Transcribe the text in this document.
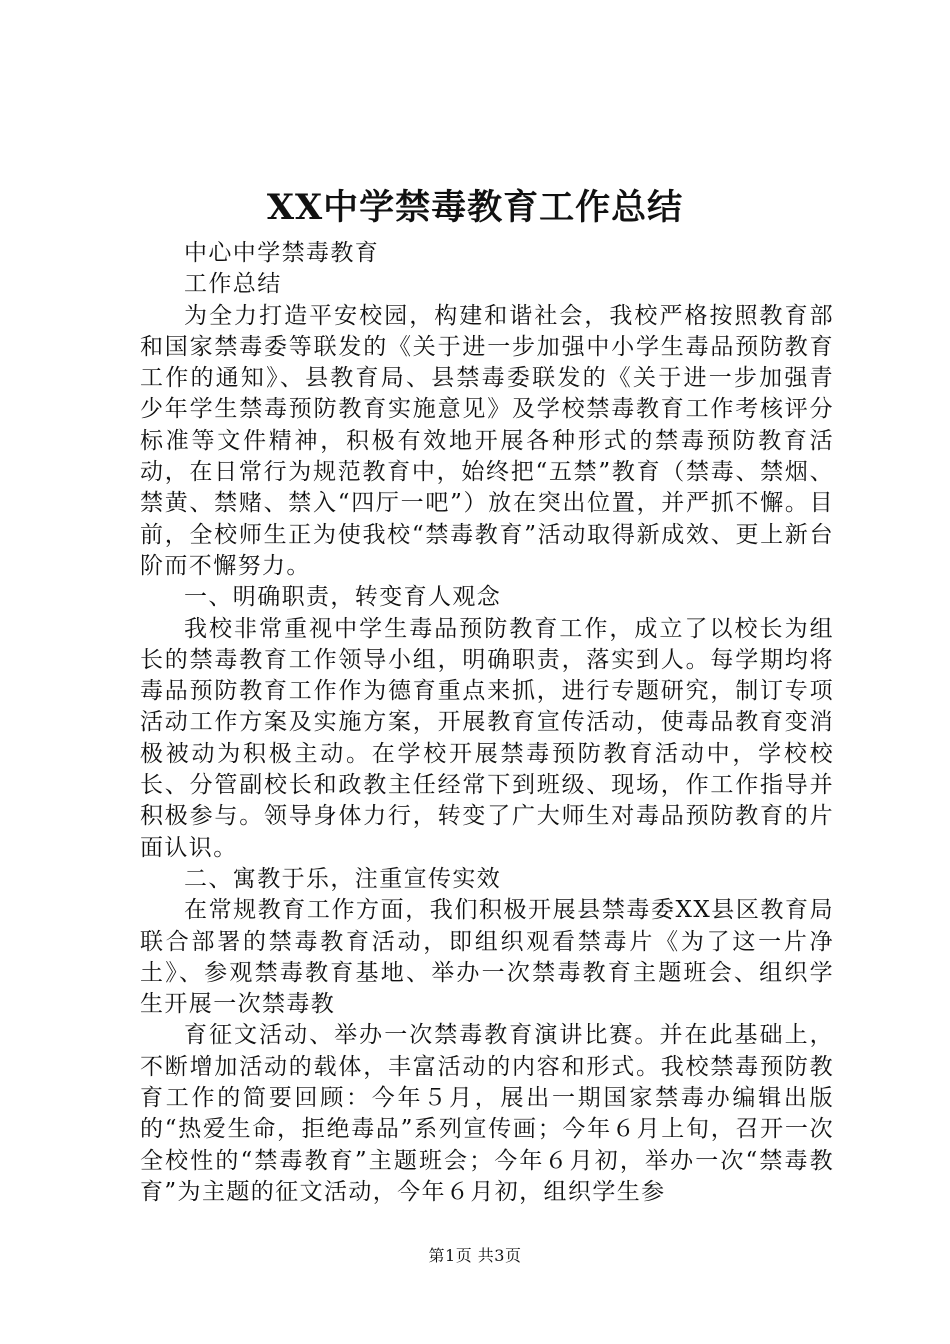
XX中学禁毒教育工作总结

中心中学禁毒教育

工作总结

为全力打造平安校园，构建和谐社会，我校严格按照教育部和国家禁毒委等联发的《关于进一步加强中小学生毒品预防教育工作的通知》、县教育局、县禁毒委联发的《关于进一步加强青少年学生禁毒预防教育实施意见》及学校禁毒教育工作考核评分标准等文件精神，积极有效地开展各种形式的禁毒预防教育活动，在日常行为规范教育中，始终把“五禁”教育（禁毒、禁烟、禁黄、禁赌、禁入“四厅一吧”）放在突出位置，并严抓不懈。目前，全校师生正为使我校“禁毒教育”活动取得新成效、更上新台阶而不懈努力。

一、明确职责，转变育人观念

我校非常重视中学生毒品预防教育工作，成立了以校长为组长的禁毒教育工作领导小组，明确职责，落实到人。每学期均将毒品预防教育工作作为德育重点来抓，进行专题研究，制订专项活动工作方案及实施方案，开展教育宣传活动，使毒品教育变消极被动为积极主动。在学校开展禁毒预防教育活动中，学校校长、分管副校长和政教主任经常下到班级、现场，作工作指导并积极参与。领导身体力行，转变了广大师生对毒品预防教育的片面认识。

二、寓教于乐，注重宣传实效

在常规教育工作方面，我们积极开展县禁毒委XX县区教育局联合部署的禁毒教育活动，即组织观看禁毒片《为了这一片净土》、参观禁毒教育基地、举办一次禁毒教育主题班会、组织学生开展一次禁毒教

育征文活动、举办一次禁毒教育演讲比赛。并在此基础上，不断增加活动的载体，丰富活动的内容和形式。我校禁毒预防教育工作的简要回顾：今年５月，展出一期国家禁毒办编辑出版的“热爱生命，拒绝毒品”系列宣传画；今年６月上旬，召开一次全校性的“禁毒教育”主题班会；今年６月初，举办一次“禁毒教育”为主题的征文活动，今年６月初，组织学生参

第1页 共3页
